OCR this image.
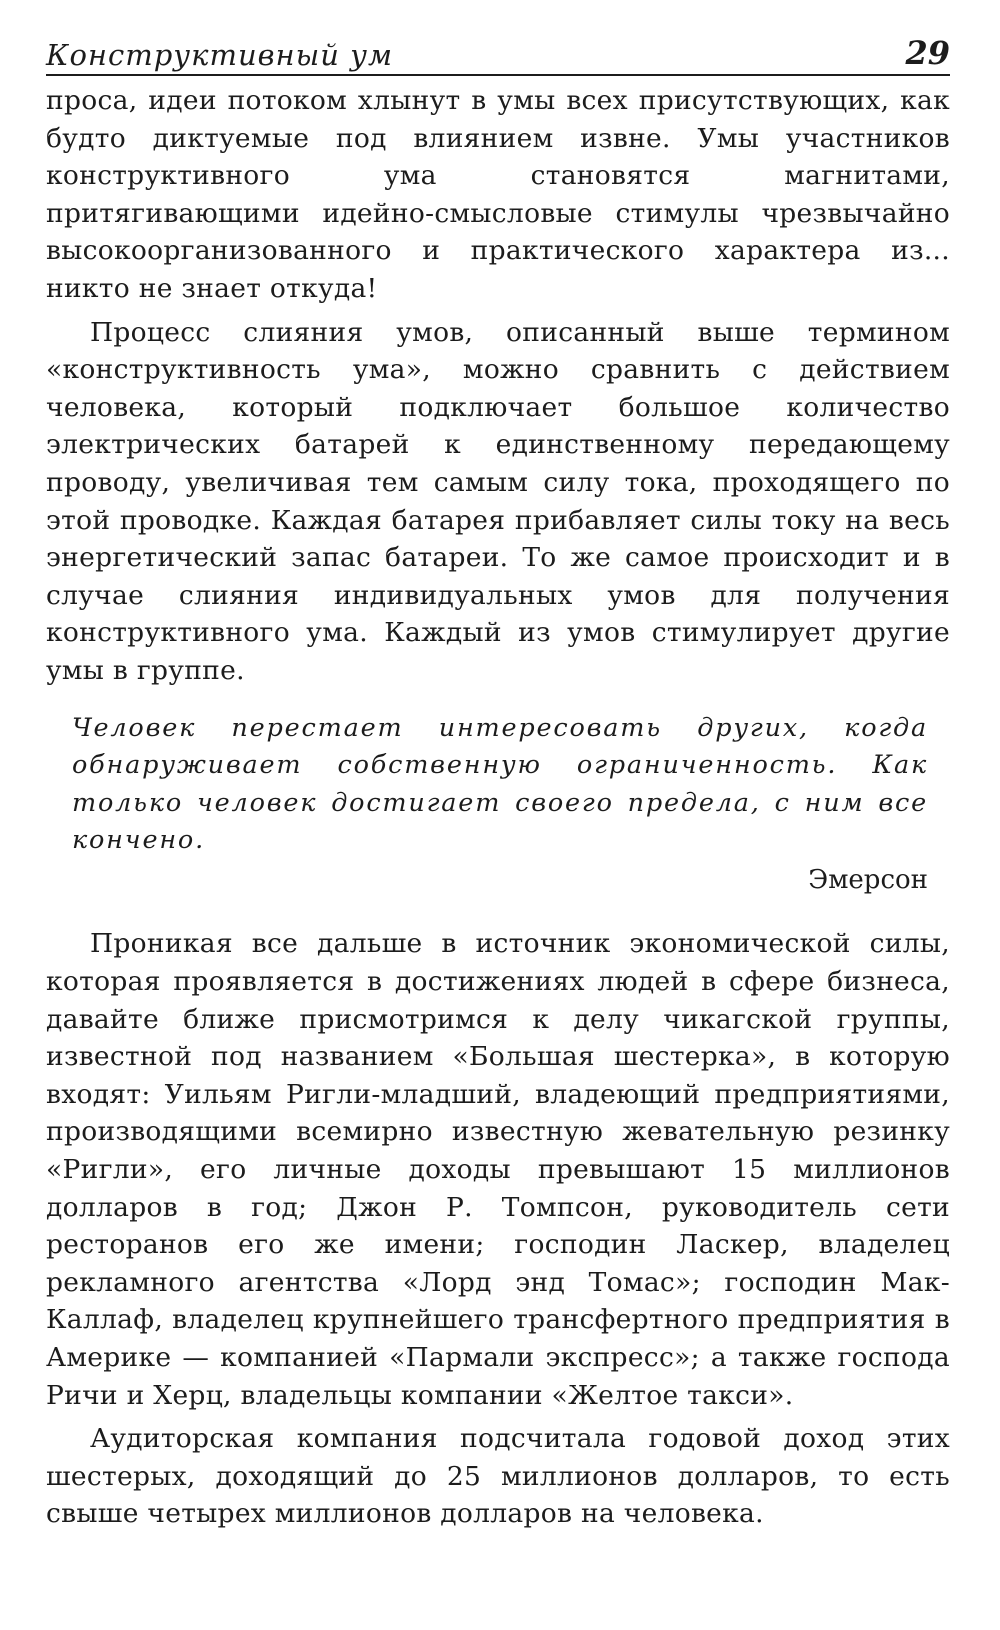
Конструктивный ум	29

проса, идеи потоком хлынут в умы всех присутствующих, как будто диктуемые под влиянием извне. Умы участников конструктивного ума становятся магнитами, притягивающими идейно-смысловые стимулы чрезвычайно высокоорганизованного и практического характера из... никто не знает откуда!

Процесс слияния умов, описанный выше термином «конструктивность ума», можно сравнить с действием человека, который подключает большое количество электрических батарей к единственному передающему проводу, увеличивая тем самым силу тока, проходящего по этой проводке. Каждая батарея прибавляет силы току на весь энергетический запас батареи. То же самое происходит и в случае слияния индивидуальных умов для получения конструктивного ума. Каждый из умов стимулирует другие умы в группе.

Человек перестает интересовать других, когда обнаруживает собственную ограниченность. Как только человек достигает своего предела, с ним все кончено.

Эмерсон

Проникая все дальше в источник экономической силы, которая проявляется в достижениях людей в сфере бизнеса, давайте ближе присмотримся к делу чикагской группы, известной под названием «Большая шестерка», в которую входят: Уильям Ригли-младший, владеющий предприятиями, производящими всемирно известную жевательную резинку «Ригли», его личные доходы превышают 15 миллионов долларов в год; Джон Р. Томпсон, руководитель сети ресторанов его же имени; господин Ласкер, владелец рекламного агентства «Лорд энд Томас»; господин Мак-Каллаф, владелец крупнейшего трансфертного предприятия в Америке — компанией «Пармали экспресс»; а также господа Ричи и Херц, владельцы компании «Желтое такси».

Аудиторская компания подсчитала годовой доход этих шестерых, доходящий до 25 миллионов долларов, то есть свыше четырех миллионов долларов на человека.
